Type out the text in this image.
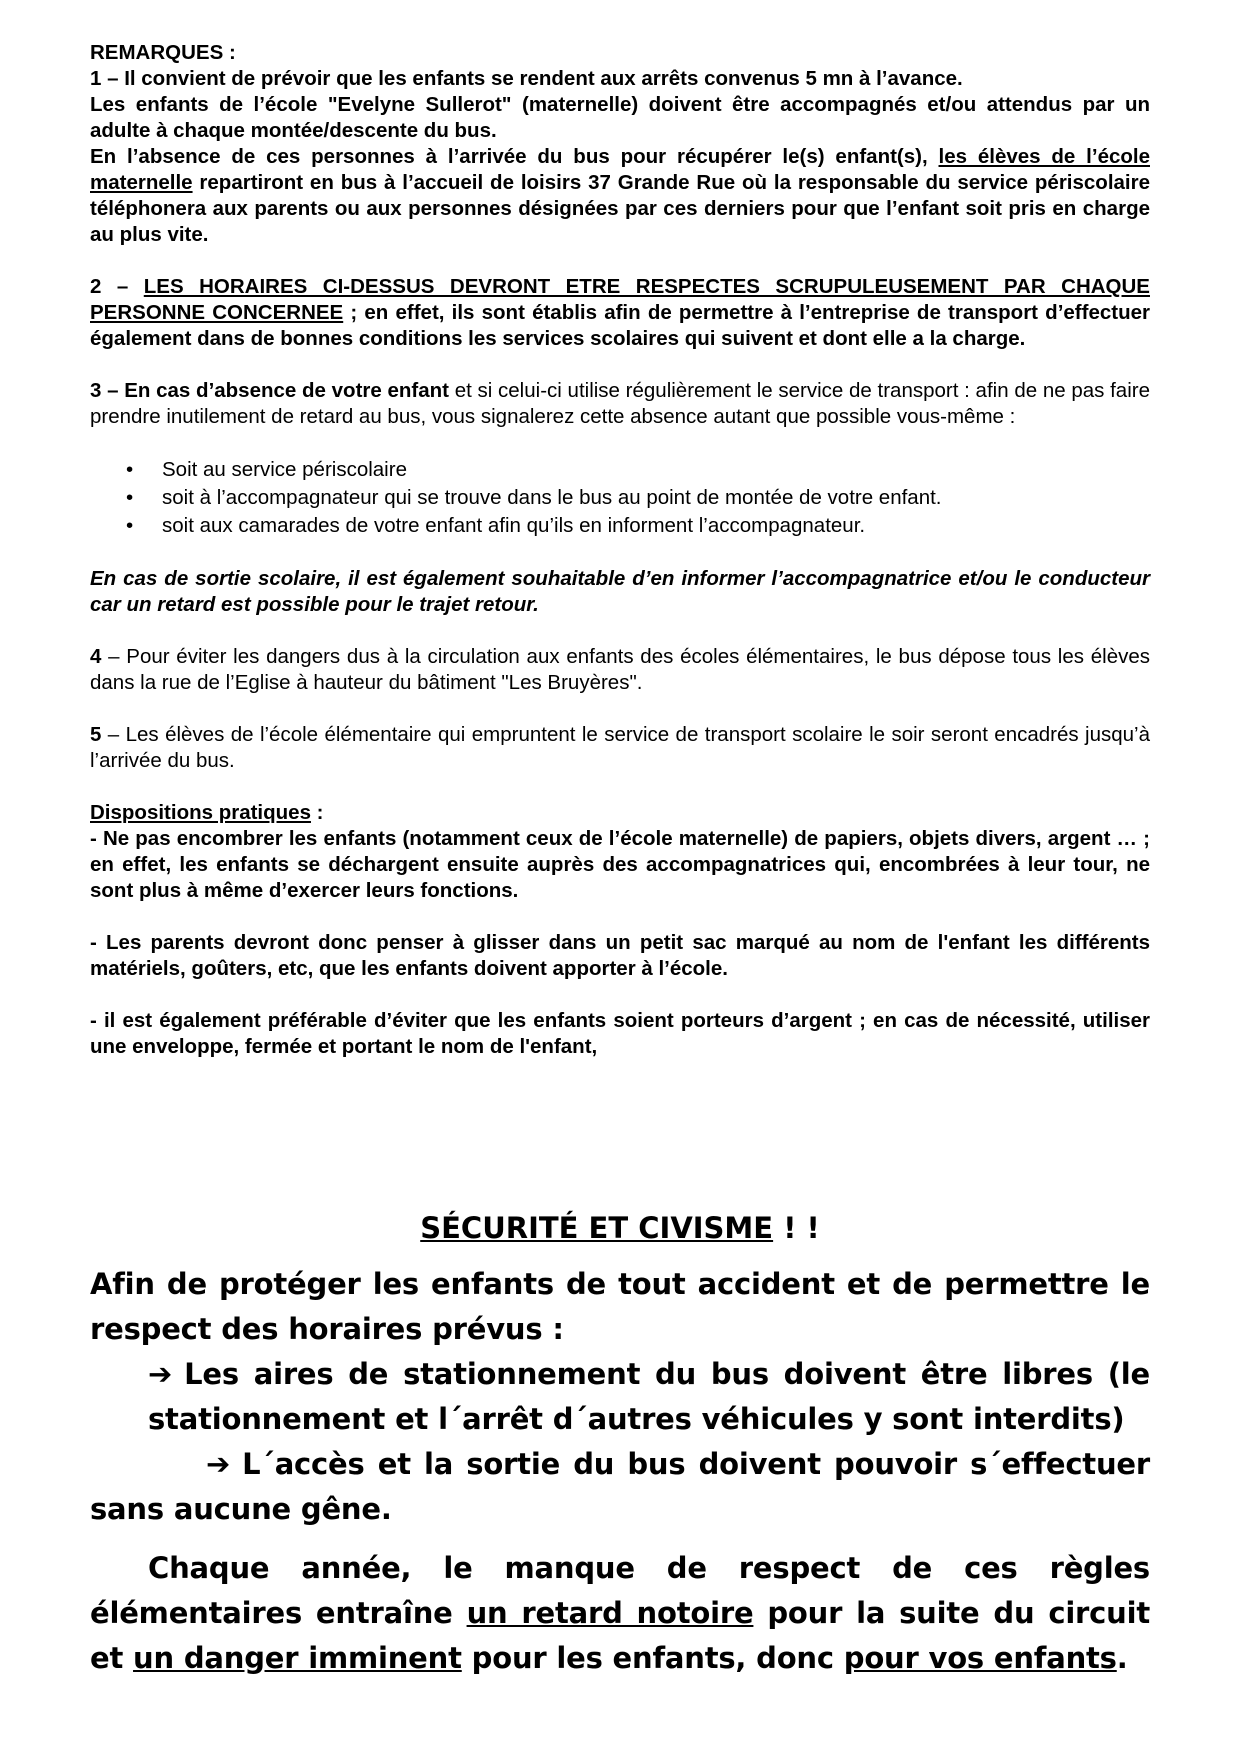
REMARQUES :

1 – Il convient de prévoir que les enfants se rendent aux arrêts convenus 5 mn à l’avance.

Les enfants de l’école "Evelyne Sullerot" (maternelle) doivent être accompagnés et/ou attendus par un adulte à chaque montée/descente du bus.

En l’absence de ces personnes à l’arrivée du bus pour récupérer le(s) enfant(s), les élèves de l’école maternelle repartiront en bus à l’accueil de loisirs 37 Grande Rue où la responsable du service périscolaire téléphonera aux parents ou aux personnes désignées par ces derniers pour que l’enfant soit pris en charge au plus vite.

2 – LES HORAIRES CI-DESSUS DEVRONT ETRE RESPECTES SCRUPULEUSEMENT PAR CHAQUE PERSONNE CONCERNEE ; en effet, ils sont établis afin de permettre à l’entreprise de transport d’effectuer également dans de bonnes conditions les services scolaires qui suivent et dont elle a la charge.

3 – En cas d’absence de votre enfant et si celui-ci utilise régulièrement le service de transport : afin de ne pas faire prendre inutilement de retard au bus, vous signalerez cette absence autant que possible vous-même :

• Soit au service périscolaire
• soit à l’accompagnateur qui se trouve dans le bus au point de montée de votre enfant.
• soit aux camarades de votre enfant afin qu’ils en informent l’accompagnateur.

En cas de sortie scolaire, il est également souhaitable d’en informer l’accompagnatrice et/ou le conducteur car un retard est possible pour le trajet retour.

4 – Pour éviter les dangers dus à la circulation aux enfants des écoles élémentaires, le bus dépose tous les élèves dans la rue de l’Eglise à hauteur du bâtiment "Les Bruyères".

5 – Les élèves de l’école élémentaire qui empruntent le service de transport scolaire le soir seront encadrés jusqu’à l’arrivée du bus.

Dispositions pratiques :

- Ne pas encombrer les enfants (notamment ceux de l’école maternelle) de papiers, objets divers, argent … ; en effet, les enfants se déchargent ensuite auprès des accompagnatrices qui, encombrées à leur tour, ne sont plus à même d’exercer leurs fonctions.

- Les parents devront donc penser à glisser dans un petit sac marqué au nom de l'enfant les différents matériels, goûters, etc, que les enfants doivent apporter à l’école.

- il est également préférable d’éviter que les enfants soient porteurs d’argent ; en cas de nécessité, utiliser une enveloppe, fermée et portant le nom de l'enfant,

SÉCURITÉ ET CIVISME ! !

Afin de protéger les enfants de tout accident et de permettre le respect des horaires prévus :

➔ Les aires de stationnement du bus doivent être libres (le stationnement et l´arrêt d´autres véhicules y sont interdits)

➔ L´accès et la sortie du bus doivent pouvoir s´effectuer sans aucune gêne.

Chaque année, le manque de respect de ces règles élémentaires entraîne un retard notoire pour la suite du circuit et un danger imminent pour les enfants, donc pour vos enfants.
